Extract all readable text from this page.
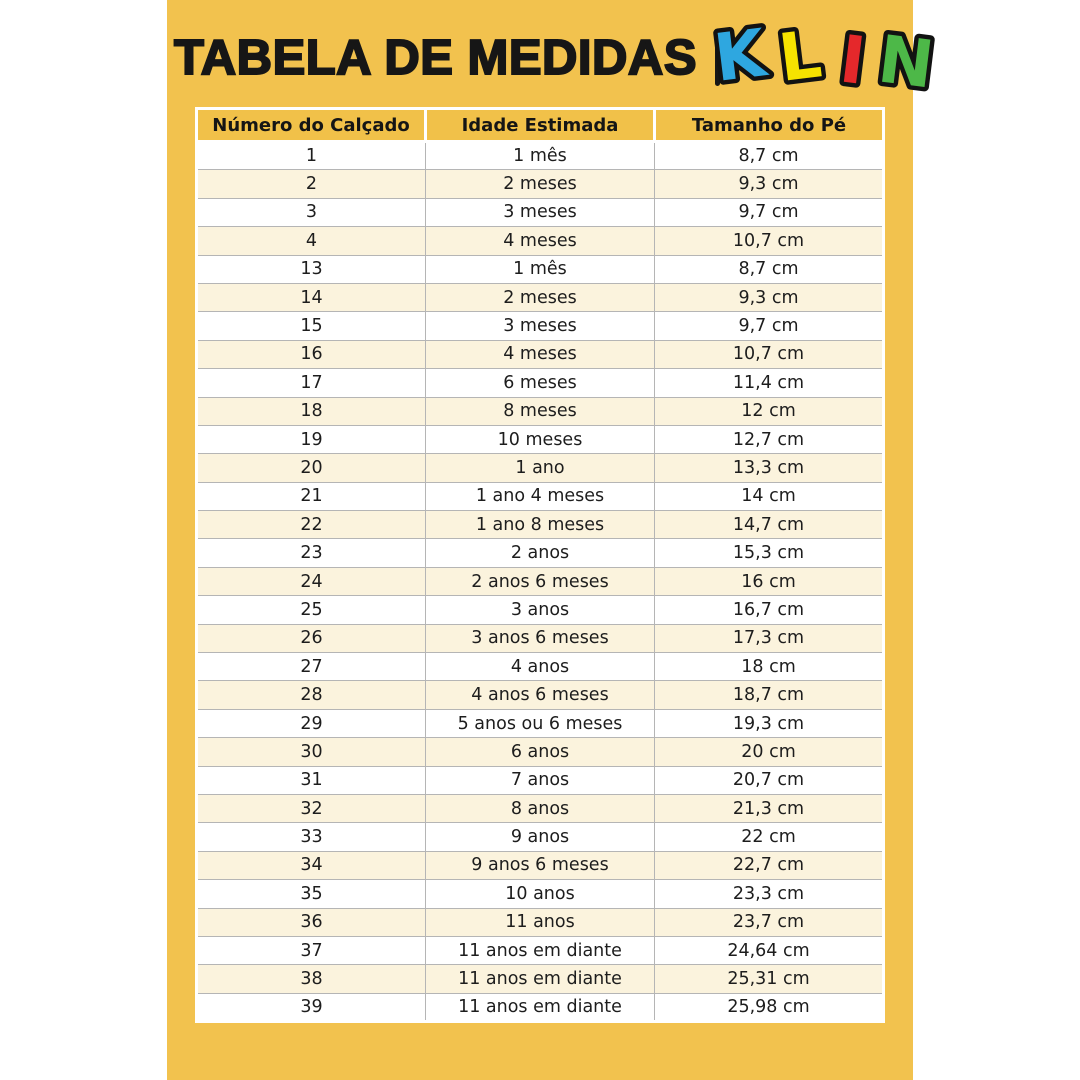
TABELA DE MEDIDAS K L I N
Número do Calçado	Idade Estimada	Tamanho do Pé
1	1 mês	8,7 cm
2	2 meses	9,3 cm
3	3 meses	9,7 cm
4	4 meses	10,7 cm
13	1 mês	8,7 cm
14	2 meses	9,3 cm
15	3 meses	9,7 cm
16	4 meses	10,7 cm
17	6 meses	11,4 cm
18	8 meses	12 cm
19	10 meses	12,7 cm
20	1 ano	13,3 cm
21	1 ano 4 meses	14 cm
22	1 ano 8 meses	14,7 cm
23	2 anos	15,3 cm
24	2 anos 6 meses	16 cm
25	3 anos	16,7 cm
26	3 anos 6 meses	17,3 cm
27	4 anos	18 cm
28	4 anos 6 meses	18,7 cm
29	5 anos ou 6 meses	19,3 cm
30	6 anos	20 cm
31	7 anos	20,7 cm
32	8 anos	21,3 cm
33	9 anos	22 cm
34	9 anos 6 meses	22,7 cm
35	10 anos	23,3 cm
36	11 anos	23,7 cm
37	11 anos em diante	24,64 cm
38	11 anos em diante	25,31 cm
39	11 anos em diante	25,98 cm
